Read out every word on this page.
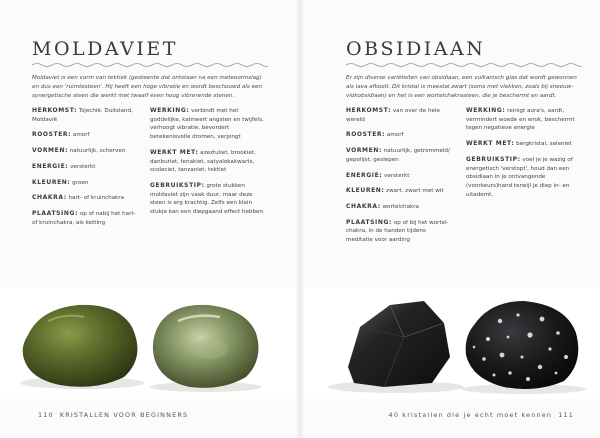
MOLDAVIET

Moldaviet is een vorm van tektiek (gesteente dat ontstaan na een meteoorinslag) en dus een 'ruimtesteen'. Hij heeft een hoge vibratie en wordt beschouwd als een synergetische steen die werkt met twaalf even hoog vibrerende stenen.

HERKOMST: Tsjechië, Duitsland, Moldavië

ROOSTER: amorf

VORMEN: natuurlijk, scherven

ENERGIE: versterkt

KLEUREN: groen

CHAKRA: hart- of kruinchakra

PLAATSING: op of nabij het hart- of kruinchakra, als ketting

WERKING: verbindt met het goddelijke, kalmeert angsten en twijfels, verhoogt vibratie, bevordert betekenisvolle dromen, verjongt

WERKT MET: azeztuliet, brookiet, danburiet, fenakiet, satyalokakwarts, scoleciet, tanzaniet, tektiet

GEBRUIKSTIP: grote stukken moldaviet zijn vaak duur, maar deze steen is erg krachtig. Zelfs een klein stukje kan een diepgaand effect hebben.

110 KRISTALLEN VOOR BEGINNERS
OBSIDIAAN

Er zijn diverse variëteiten van obsidiaan, een vulkanisch glas dat wordt gewonnen als lava afkoelt. Dit kristal is meestal zwart (soms met vlekken, zoals bij sneeuwvlokobsidiaan) en het is een wortelchakrasteen, die je beschermt en aardt.

HERKOMST: van over de hele wereld

ROOSTER: amorf

VORMEN: natuurlijk, getrommeld/ gepolijst, geslepen

ENERGIE: versterkt

KLEUREN: zwart, zwart met wit

CHAKRA: wortelchakra

PLAATSING: op of bij het wortelchakra, in de handen tijdens meditatie voor aarding

WERKING: reinigt aura's, aardt, vermindert woede en wrok, beschermt tegen negatieve energie

WERKT MET: bergkristal, seleniet

GEBRUIKSTIP: voel je je wazig of energetisch 'verstopt', houd dan een obsidiaan in je ontvangende (voorkeurs)hand terwijl je diep in- en uitademt.

40 kristallen die je echt moet kennen 111
